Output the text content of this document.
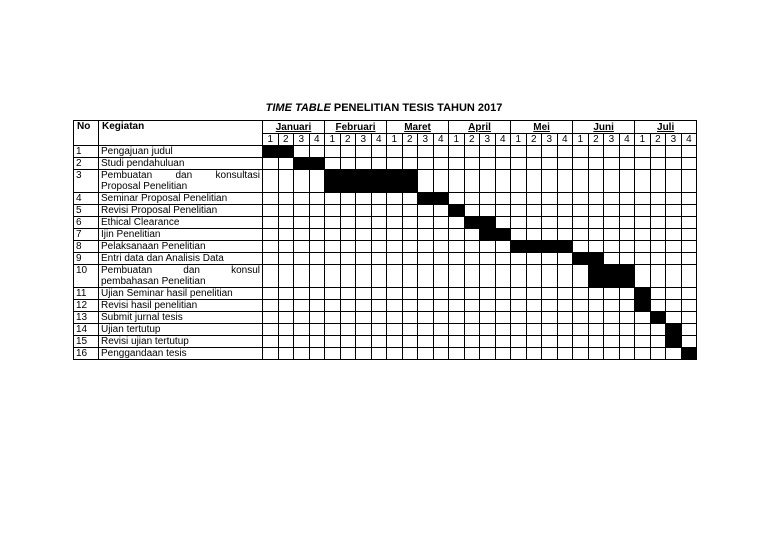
TIME TABLE PENELITIAN TESIS TAHUN 2017
No	Kegiatan	Januari				Februari				Maret				April				Mei				Juni				Juli			
		1	2	3	4	1	2	3	4	1	2	3	4	1	2	3	4	1	2	3	4	1	2	3	4	1	2	3	4
1	Pengajuan judul																												
2	Studi pendahuluan																												
3	Pembuatan dan konsultasi
Proposal Penelitian																												

4	Seminar Proposal Penelitian																												
5	Revisi Proposal Penelitian																												
6	Ethical Clearance																												
7	Ijin Penelitian																												
8	Pelaksanaan Penelitian																												
9	Entri data dan Analisis Data																												
10	Pembuatan dan konsul
pembahasan Penelitian																												

11	Ujian Seminar hasil penelitian																												
12	Revisi hasil penelitian																												
13	Submit jurnal tesis																												
14	Ujian tertutup																												
15	Revisi ujian tertutup																												
16	Penggandaan tesis																												
